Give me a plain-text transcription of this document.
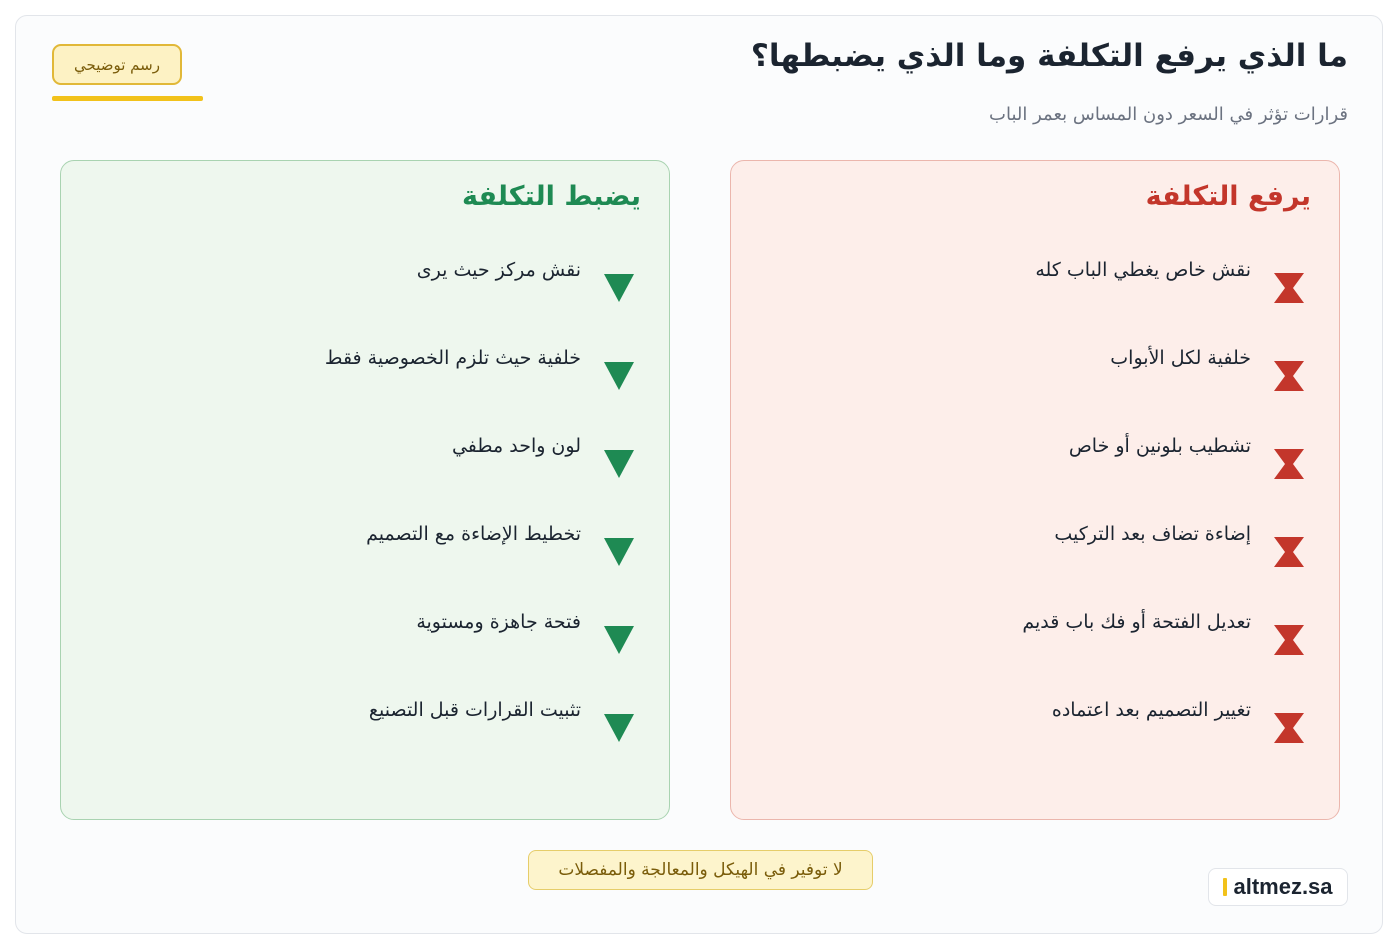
ما الذي يرفع التكلفة وما الذي يضبطها؟
قرارات تؤثر في السعر دون المساس بعمر الباب
رسم توضيحي
يرفع التكلفة
نقش خاص يغطي الباب كله
خلفية لكل الأبواب
تشطيب بلونين أو خاص
إضاءة تضاف بعد التركيب
تعديل الفتحة أو فك باب قديم
تغيير التصميم بعد اعتماده
يضبط التكلفة
نقش مركز حيث يرى
خلفية حيث تلزم الخصوصية فقط
لون واحد مطفي
تخطيط الإضاءة مع التصميم
فتحة جاهزة ومستوية
تثبيت القرارات قبل التصنيع
لا توفير في الهيكل والمعالجة والمفصلات
altmez.sa
